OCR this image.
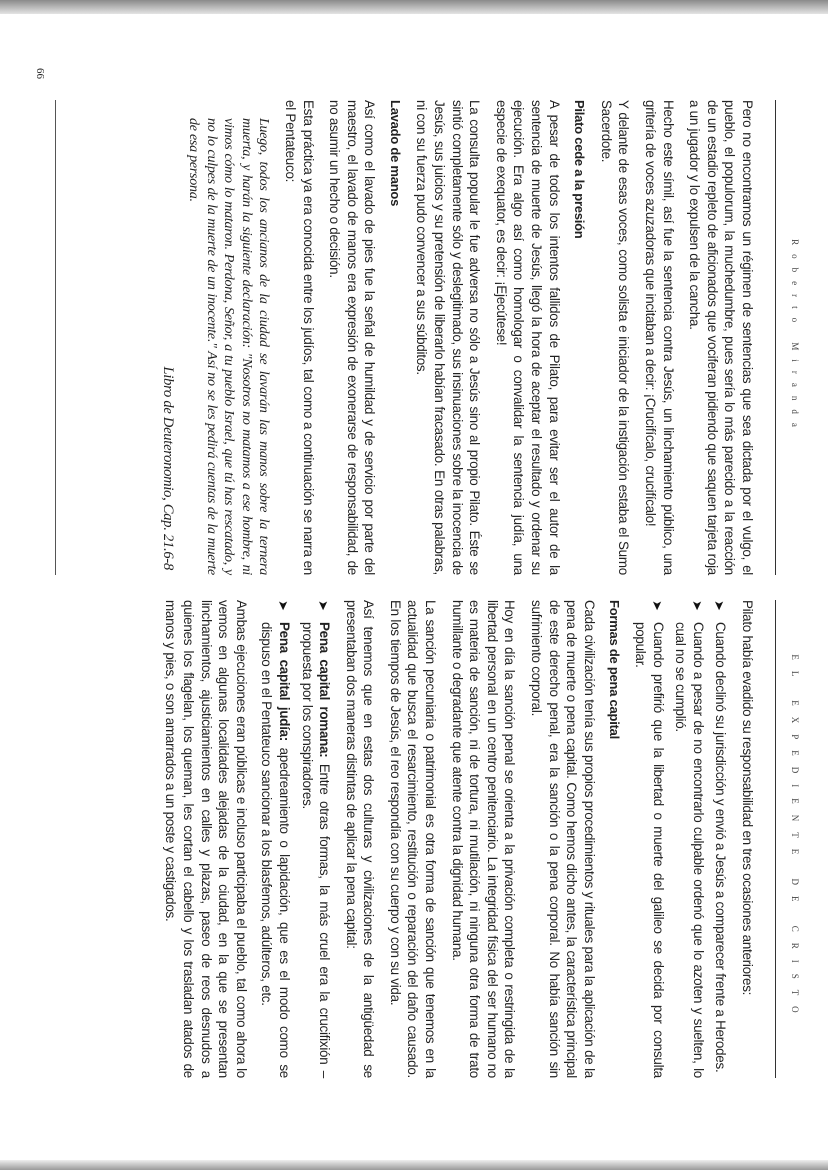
Roberto Miranda

Pero no encontramos un régimen de sentencias que sea dictada por el vulgo, el pueblo, el populorum, la muchedumbre, pues sería lo más parecido a la reacción de un estadio repleto de aficionados que vociferan pidiendo que saquen tarjeta roja a un jugador y lo expulsen de la cancha.

Hecho este símil, así fue la sentencia contra Jesús, un linchamiento público, una gritería de voces azuzadoras que incitaban a decir: ¡Crucifícalo, crucifícalo!

Y delante de esas voces, como solista e iniciador de la instigación estaba el Sumo Sacerdote.

Pilato cede a la presión

A pesar de todos los intentos fallidos de Pilato, para evitar ser el autor de la sentencia de muerte de Jesús, llegó la hora de aceptar el resultado y ordenar su ejecución. Era algo así como homologar o convalidar la sentencia judía, una especie de exequator, es decir: ¡Ejecútese!

La consulta popular le fue adversa no sólo a Jesús sino al propio Pilato. Éste se sintió completamente sólo y deslegitimado, sus insinuaciones sobre la inocencia de Jesús, sus juicios y su pretensión de liberarlo habían fracasado. En otras palabras, ni con su fuerza pudo convencer a sus súbditos.

Lavado de manos

Así como el lavado de pies fue la señal de humildad y de servicio por parte del maestro, el lavado de manos era expresión de exonerarse de responsabilidad, de no asumir un hecho o decisión.

Esta práctica ya era conocida entre los judíos, tal como a continuación se narra en el Pentateuco:

Luego, todos los ancianos de la ciudad se lavarán las manos sobre la ternera muerta, y harán la siguiente declaración: "Nosotros no matamos a ese hombre, ni vimos cómo lo mataron. Perdona, Señor, a tu pueblo Israel, que tú has rescatado, y no lo culpes de la muerte de un inocente." Así no se les pedirá cuentas de la muerte de esa persona.
Libro de Deuteronomio, Cap. 21.6-8
66
EL EXPEDIENTE DE CRISTO

Pilato había evadido su responsabilidad en tres ocasiones anteriores:

➤
Cuando declinó su jurisdicción y envió a Jesús a comparecer frente a Herodes.
➤
Cuando a pesar de no encontrarlo culpable ordenó que lo azoten y suelten, lo cual no se cumplió.
➤
Cuando prefirió que la libertad o muerte del galileo se decida por consulta popular.
Formas de pena capital

Cada civilización tenía sus propios procedimientos y rituales para la aplicación de la pena de muerte o pena capital. Como hemos dicho antes, la característica principal de este derecho penal, era la sanción o la pena corporal. No había sanción sin sufrimiento corporal.

Hoy en día la sanción penal se orienta a la privación completa o restringida de la libertad personal en un centro penitenciario. La integridad física del ser humano no es materia de sanción, ni de tortura, ni mutilación, ni ninguna otra forma de trato humillante o degradante que atente contra la dignidad humana.

La sanción pecuniaria o patrimonial es otra forma de sanción que tenemos en la actualidad que busca el resarcimiento, restitución o reparación del daño causado. En los tiempos de Jesús, el reo respondía con su cuerpo y con su vida.

Así tenemos que en estas dos culturas y civilizaciones de la antigüedad se presentaban dos maneras distintas de aplicar la pena capital:

➤
Pena capital romana: Entre otras formas, la más cruel era la crucifixión –propuesta por los conspiradores.
➤
Pena capital judía: apedreamiento o lapidación, que es el modo como se dispuso en el Pentateuco sancionar a los blasfemos, adúlteros, etc.

Ambas ejecuciones eran públicas e incluso participaba el pueblo, tal como ahora lo vemos en algunas localidades alejadas de la ciudad, en la que se presentan linchamientos, ajusticiamientos en calles y plazas, paseo de reos desnudos a quienes los flagelan, los queman, les cortan el cabello y los trasladan atados de manos y pies, o son amarrados a un poste y castigados.
